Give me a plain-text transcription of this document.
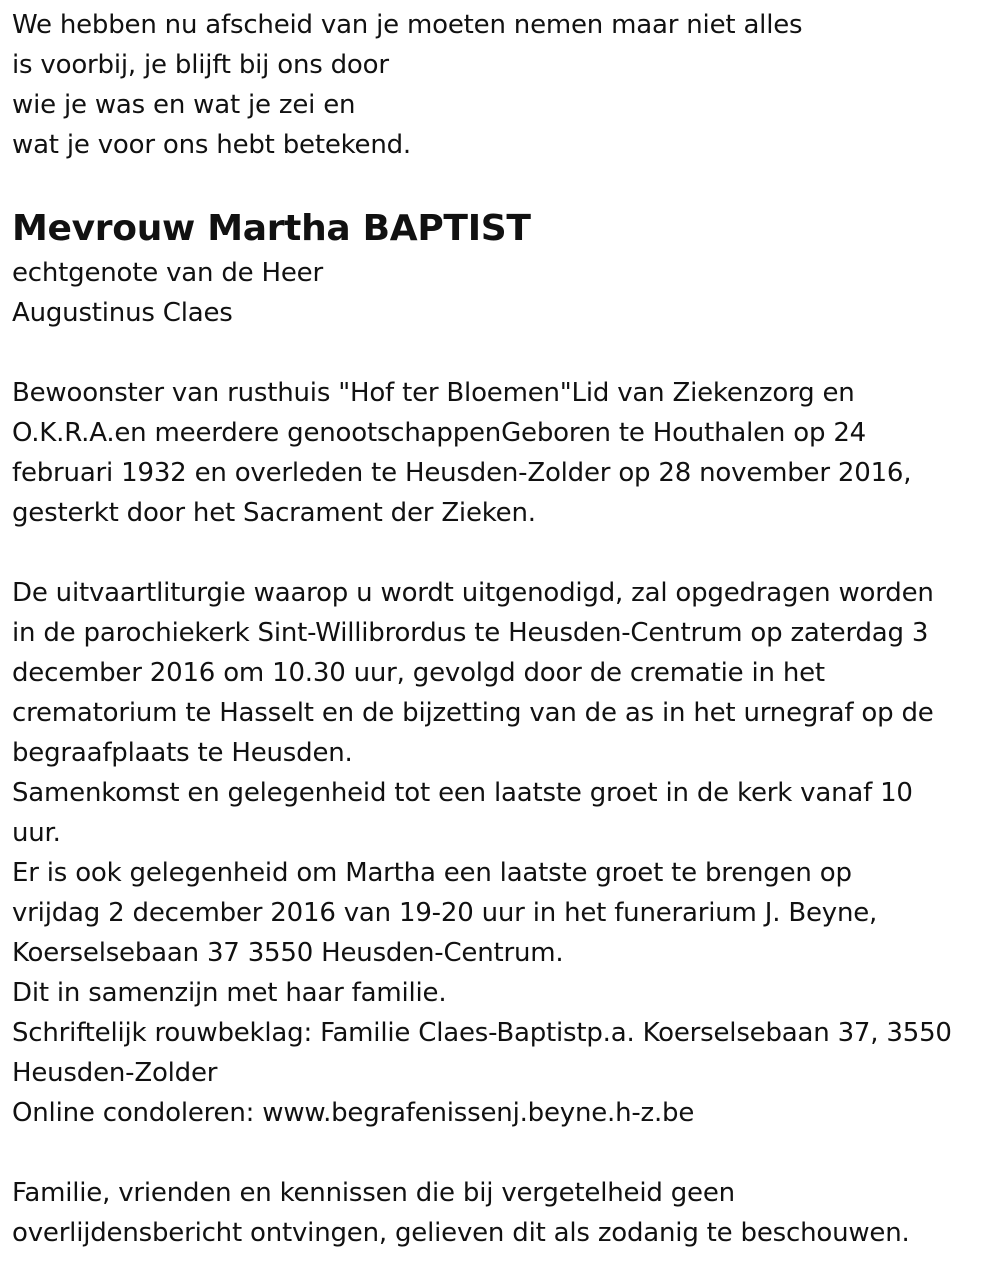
We hebben nu afscheid van je moeten nemen maar niet alles
is voorbij, je blijft bij ons door
wie je was en wat je zei en
wat je voor ons hebt betekend.
Mevrouw Martha BAPTIST
echtgenote van de Heer
Augustinus Claes
Bewoonster van rusthuis "Hof ter Bloemen"Lid van Ziekenzorg en
O.K.R.A.en meerdere genootschappenGeboren te Houthalen op 24
februari 1932 en overleden te Heusden-Zolder op 28 november 2016,
gesterkt door het Sacrament der Zieken.
De uitvaartliturgie waarop u wordt uitgenodigd, zal opgedragen worden
in de parochiekerk Sint-Willibrordus te Heusden-Centrum op zaterdag 3
december 2016 om 10.30 uur, gevolgd door de crematie in het
crematorium te Hasselt en de bijzetting van de as in het urnegraf op de
begraafplaats te Heusden.
Samenkomst en gelegenheid tot een laatste groet in de kerk vanaf 10
uur.
Er is ook gelegenheid om Martha een laatste groet te brengen op
vrijdag 2 december 2016 van 19-20 uur in het funerarium J. Beyne,
Koerselsebaan 37 3550 Heusden-Centrum.
Dit in samenzijn met haar familie.
Schriftelijk rouwbeklag: Familie Claes-Baptistp.a. Koerselsebaan 37, 3550
Heusden-Zolder
Online condoleren: www.begrafenissenj.beyne.h-z.be
Familie, vrienden en kennissen die bij vergetelheid geen
overlijdensbericht ontvingen, gelieven dit als zodanig te beschouwen.
